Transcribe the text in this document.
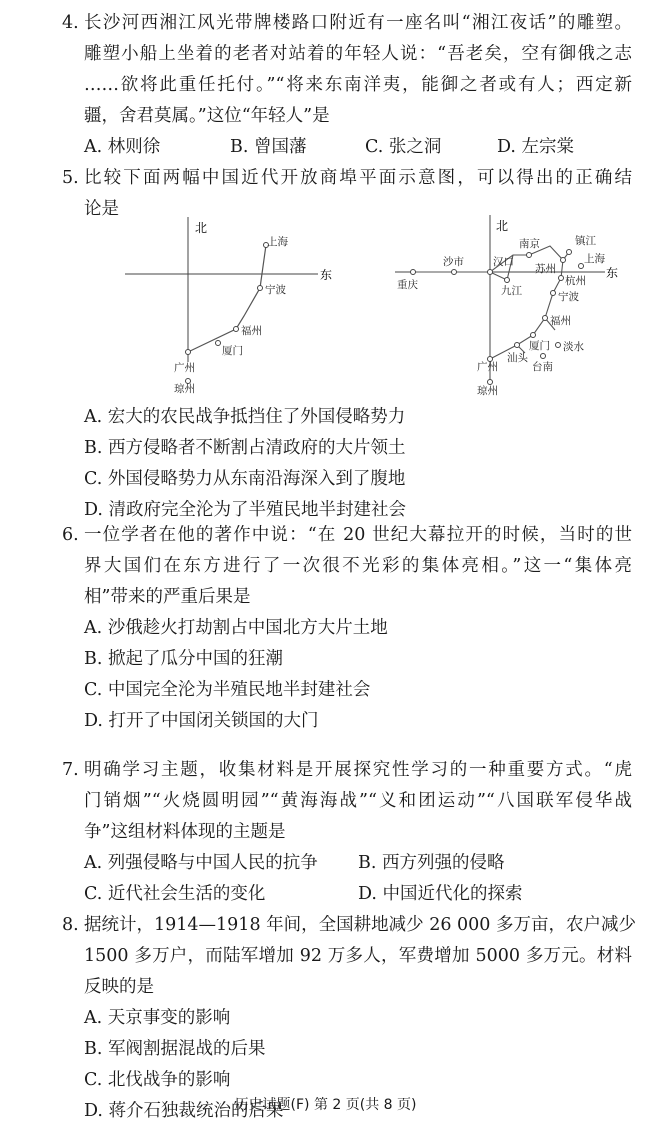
4. 长沙河西湘江风光带牌楼路口附近有一座名叫“湘江夜话”的雕塑。
雕塑小船上坐着的老者对站着的年轻人说：“吾老矣，空有御俄之志
……欲将此重任托付。”“将来东南洋夷，能御之者或有人；西定新
疆，舍君莫属。”这位“年轻人”是
A. 林则徐	B. 曾国藩	C. 张之洞	D. 左宗棠
5. 比较下面两幅中国近代开放商埠平面示意图，可以得出的正确结
论是
北
东
上海
宁波
福州
厦门
广州
琼州
北
东
重庆
沙市	汉口
九江
南京	镇江
上海
苏州
杭州
宁波
福州
淡水
厦门
汕头
台南
广州
琼州
A. 宏大的农民战争抵挡住了外国侵略势力
B. 西方侵略者不断割占清政府的大片领土
C. 外国侵略势力从东南沿海深入到了腹地
D. 清政府完全沦为了半殖民地半封建社会
6. 一位学者在他的著作中说：“在 20 世纪大幕拉开的时候，当时的世
界大国们在东方进行了一次很不光彩的集体亮相。”这一“集体亮
相”带来的严重后果是
A. 沙俄趁火打劫割占中国北方大片土地
B. 掀起了瓜分中国的狂潮
C. 中国完全沦为半殖民地半封建社会
D. 打开了中国闭关锁国的大门
7. 明确学习主题，收集材料是开展探究性学习的一种重要方式。“虎
门销烟”“火烧圆明园”“黄海海战”“义和团运动”“八国联军侵华战
争”这组材料体现的主题是
A. 列强侵略与中国人民的抗争	B. 西方列强的侵略
C. 近代社会生活的变化	D. 中国近代化的探索
8. 据统计，1914—1918 年间，全国耕地减少 26 000 多万亩，农户减少
1500 多万户，而陆军增加 92 万多人，军费增加 5000 多万元。材料
反映的是
A. 天京事变的影响
B. 军阀割据混战的后果
C. 北伐战争的影响
D. 蒋介石独裁统治的后果
历史试题(F) 第 2 页(共 8 页)
